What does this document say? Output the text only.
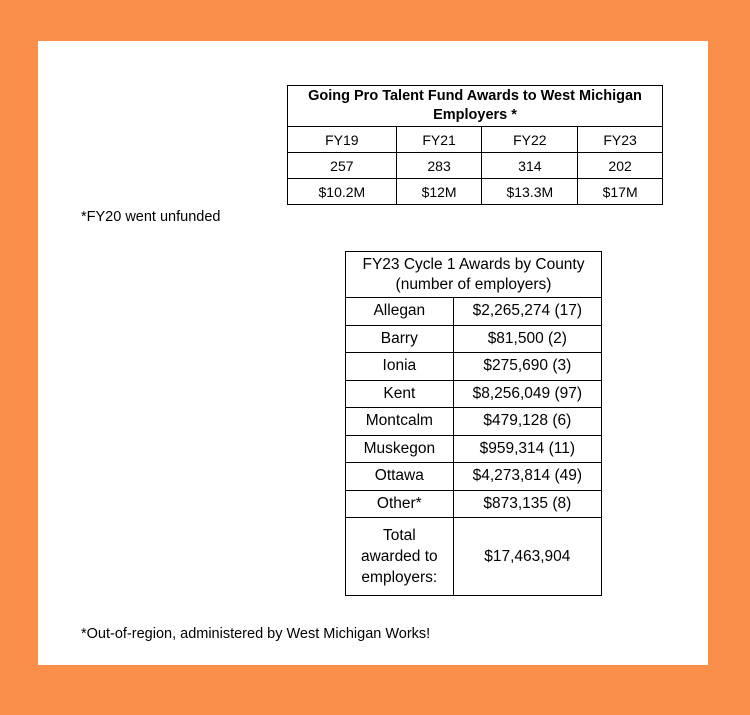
Going Pro Talent Fund Awards to West Michigan Employers *			
FY19	FY21	FY22	FY23
257	283	314	202
$10.2M	$12M	$13.3M	$17M
*FY20 went unfunded
FY23 Cycle 1 Awards by County
(number of employers)	

Allegan	$2,265,274 (17)
Barry	$81,500 (2)
Ionia	$275,690 (3)
Kent	$8,256,049 (97)
Montcalm	$479,128 (6)
Muskegon	$959,314 (11)
Ottawa	$4,273,814 (49)
Other*	$873,135 (8)

Total
awarded to
employers:	$17,463,904
*Out-of-region, administered by West Michigan Works!
